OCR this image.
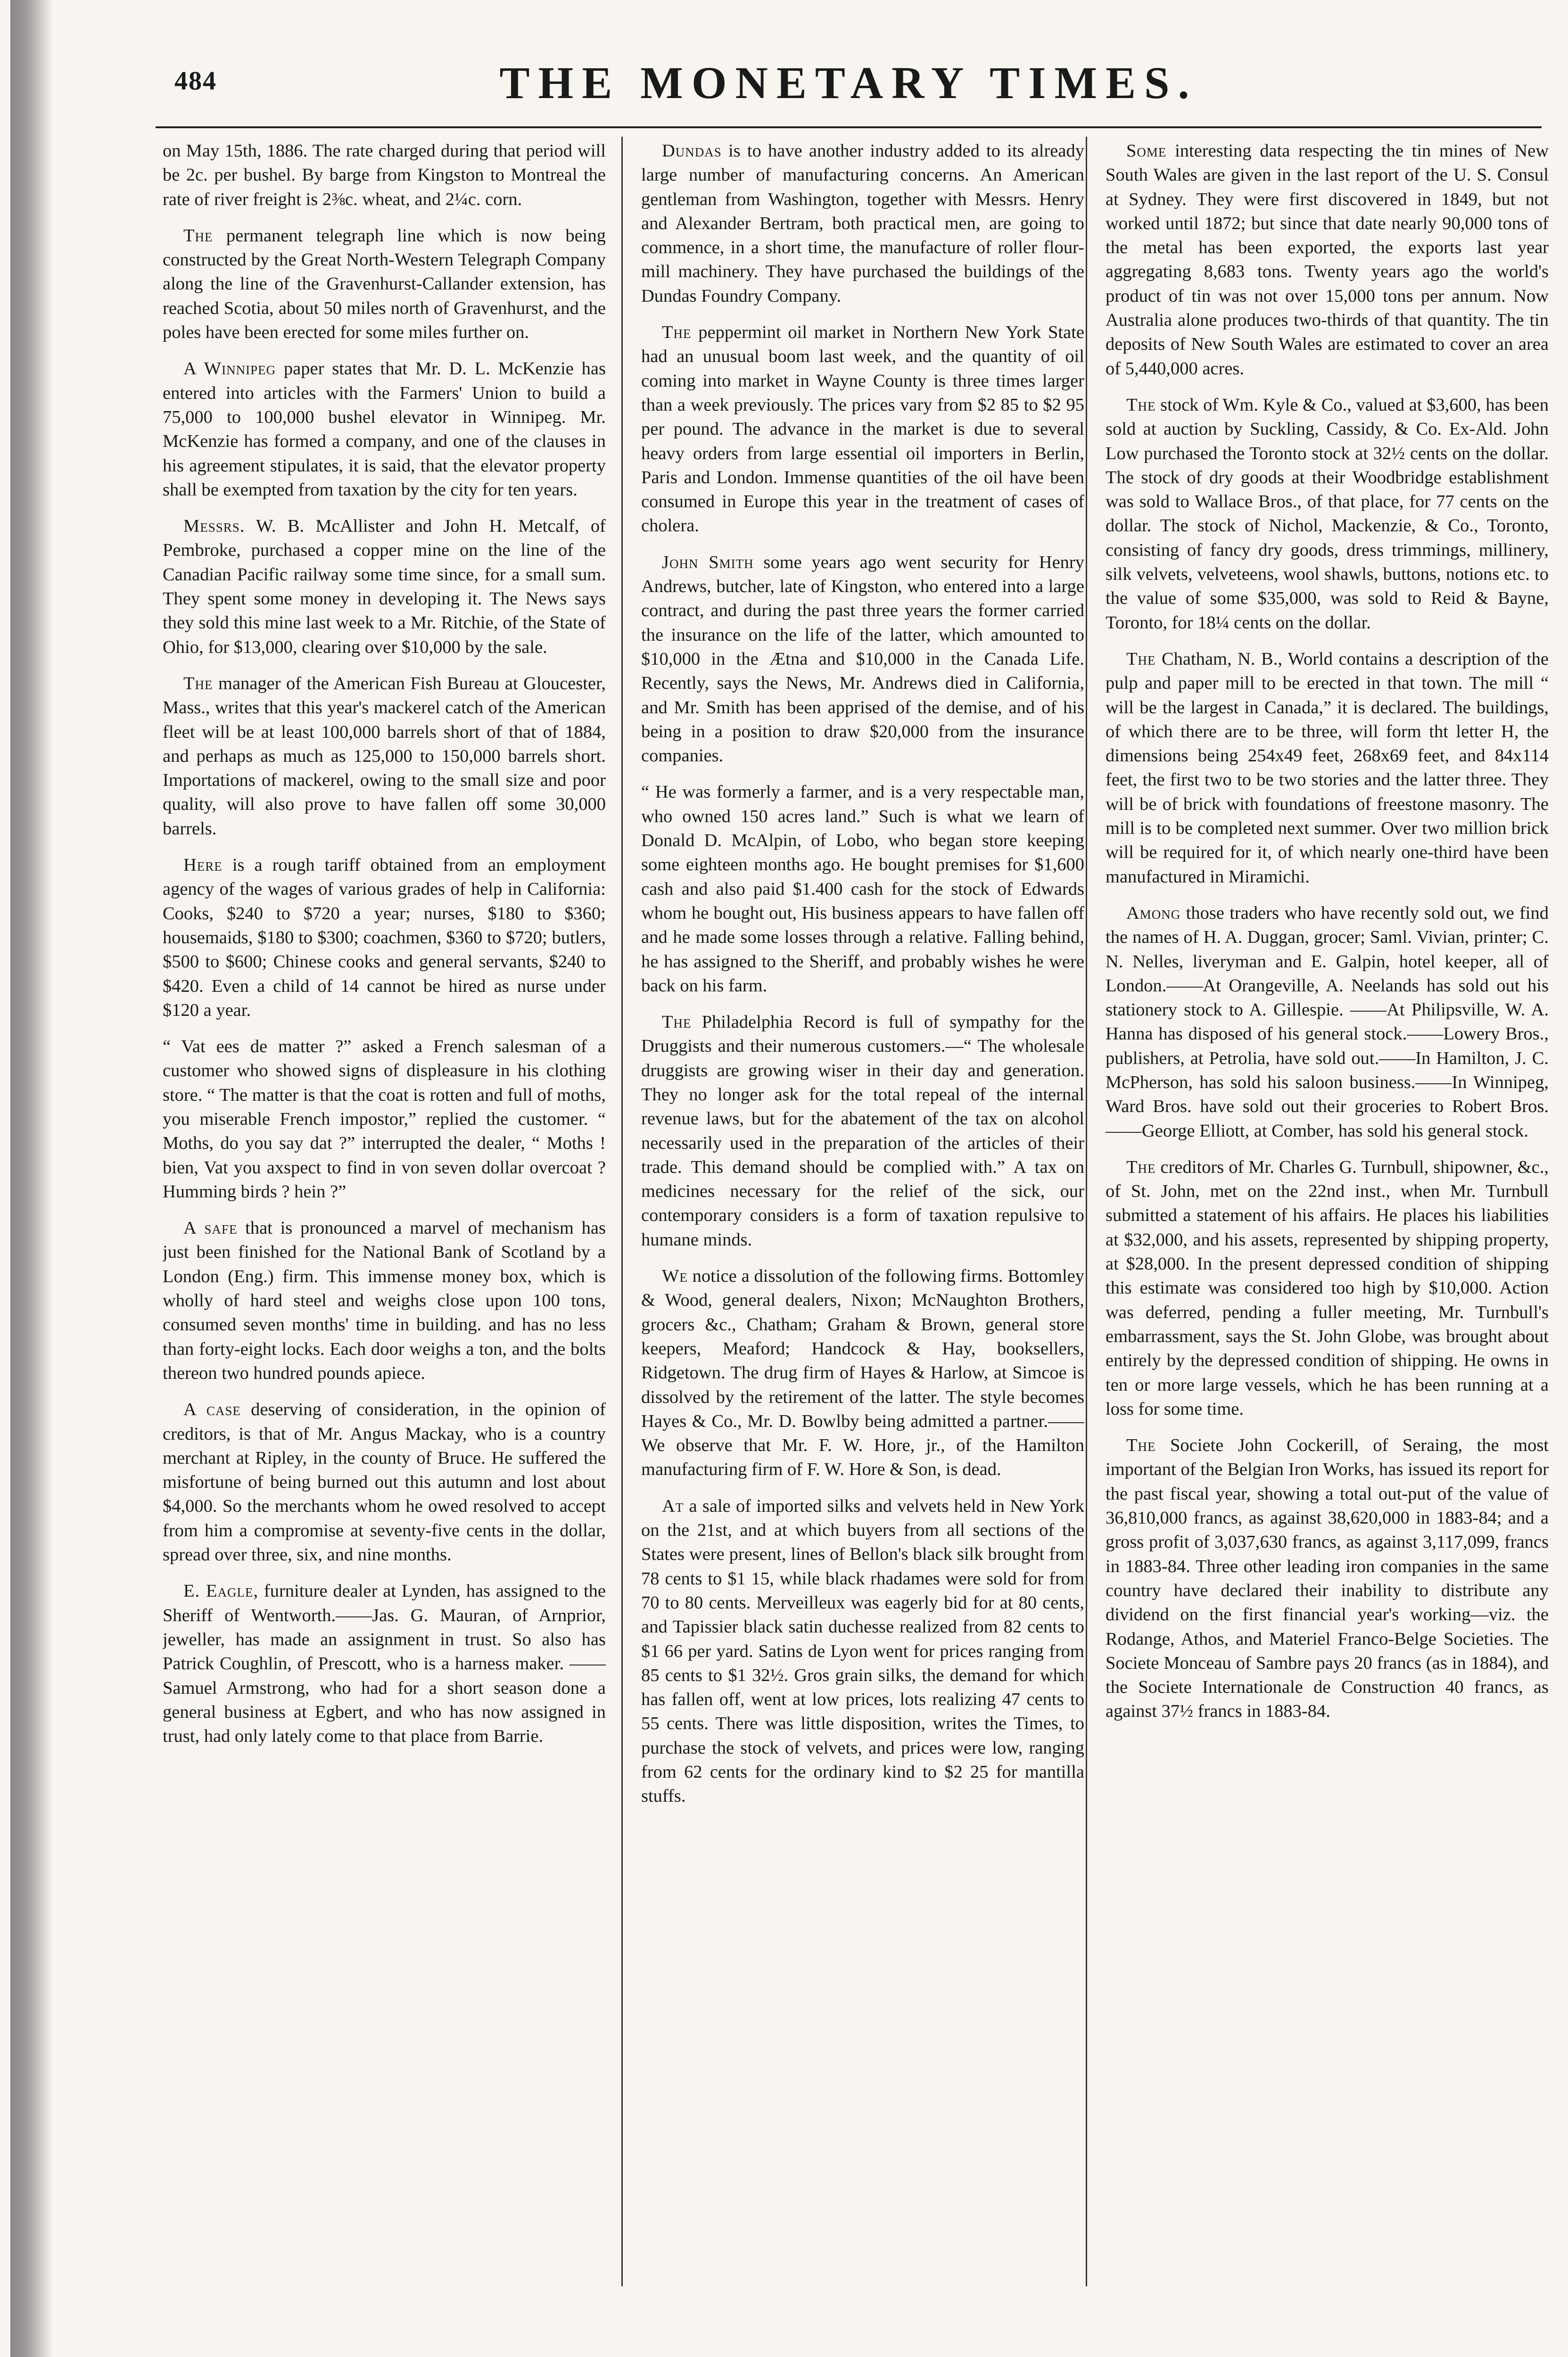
484	THE MONETARY TIMES.

on May 15th, 1886. The rate charged during that period will be 2c. per bushel. By barge from Kingston to Montreal the rate of river freight is 2⅜c. wheat, and 2¼c. corn.

The permanent telegraph line which is now being constructed by the Great North-Western Telegraph Company along the line of the Gravenhurst-Callander extension, has reached Scotia, about 50 miles north of Gravenhurst, and the poles have been erected for some miles further on.

A Winnipeg paper states that Mr. D. L. McKenzie has entered into articles with the Farmers' Union to build a 75,000 to 100,000 bushel elevator in Winnipeg. Mr. McKenzie has formed a company, and one of the clauses in his agreement stipulates, it is said, that the elevator property shall be exempted from taxation by the city for ten years.

Messrs. W. B. McAllister and John H. Metcalf, of Pembroke, purchased a copper mine on the line of the Canadian Pacific railway some time since, for a small sum. They spent some money in developing it. The News says they sold this mine last week to a Mr. Ritchie, of the State of Ohio, for $13,000, clearing over $10,000 by the sale.

The manager of the American Fish Bureau at Gloucester, Mass., writes that this year's mackerel catch of the American fleet will be at least 100,000 barrels short of that of 1884, and perhaps as much as 125,000 to 150,000 barrels short. Importations of mackerel, owing to the small size and poor quality, will also prove to have fallen off some 30,000 barrels.

Here is a rough tariff obtained from an employment agency of the wages of various grades of help in California: Cooks, $240 to $720 a year; nurses, $180 to $360; housemaids, $180 to $300; coachmen, $360 to $720; butlers, $500 to $600; Chinese cooks and general servants, $240 to $420. Even a child of 14 cannot be hired as nurse under $120 a year.

“ Vat ees de matter ?” asked a French salesman of a customer who showed signs of displeasure in his clothing store. “ The matter is that the coat is rotten and full of moths, you miserable French impostor,” replied the customer. “ Moths, do you say dat ?” interrupted the dealer, “ Moths ! bien, Vat you axspect to find in von seven dollar overcoat ? Humming birds ? hein ?”

A safe that is pronounced a marvel of mechanism has just been finished for the National Bank of Scotland by a London (Eng.) firm. This immense money box, which is wholly of hard steel and weighs close upon 100 tons, consumed seven months' time in building. and has no less than forty-eight locks. Each door weighs a ton, and the bolts thereon two hundred pounds apiece.

A case deserving of consideration, in the opinion of creditors, is that of Mr. Angus Mackay, who is a country merchant at Ripley, in the county of Bruce. He suffered the misfortune of being burned out this autumn and lost about $4,000. So the merchants whom he owed resolved to accept from him a compromise at seventy-five cents in the dollar, spread over three, six, and nine months.

E. Eagle, furniture dealer at Lynden, has assigned to the Sheriff of Wentworth.——Jas. G. Mauran, of Arnprior, jeweller, has made an assignment in trust. So also has Patrick Coughlin, of Prescott, who is a harness maker. ——Samuel Armstrong, who had for a short season done a general business at Egbert, and who has now assigned in trust, had only lately come to that place from Barrie.

Dundas is to have another industry added to its already large number of manufacturing concerns. An American gentleman from Washington, together with Messrs. Henry and Alexander Bertram, both practical men, are going to commence, in a short time, the manufacture of roller flour-mill machinery. They have purchased the buildings of the Dundas Foundry Company.

The peppermint oil market in Northern New York State had an unusual boom last week, and the quantity of oil coming into market in Wayne County is three times larger than a week previously. The prices vary from $2 85 to $2 95 per pound. The advance in the market is due to several heavy orders from large essential oil importers in Berlin, Paris and London. Immense quantities of the oil have been consumed in Europe this year in the treatment of cases of cholera.

John Smith some years ago went security for Henry Andrews, butcher, late of Kingston, who entered into a large contract, and during the past three years the former carried the insurance on the life of the latter, which amounted to $10,000 in the Ætna and $10,000 in the Canada Life. Recently, says the News, Mr. Andrews died in California, and Mr. Smith has been apprised of the demise, and of his being in a position to draw $20,000 from the insurance companies.

“ He was formerly a farmer, and is a very respectable man, who owned 150 acres land.” Such is what we learn of Donald D. McAlpin, of Lobo, who began store keeping some eighteen months ago. He bought premises for $1,600 cash and also paid $1.400 cash for the stock of Edwards whom he bought out, His business appears to have fallen off and he made some losses through a relative. Falling behind, he has assigned to the Sheriff, and probably wishes he were back on his farm.

The Philadelphia Record is full of sympathy for the Druggists and their numerous customers.—“ The wholesale druggists are growing wiser in their day and generation. They no longer ask for the total repeal of the internal revenue laws, but for the abatement of the tax on alcohol necessarily used in the preparation of the articles of their trade. This demand should be complied with.” A tax on medicines necessary for the relief of the sick, our contemporary considers is a form of taxation repulsive to humane minds.

We notice a dissolution of the following firms. Bottomley & Wood, general dealers, Nixon; McNaughton Brothers, grocers &c., Chatham; Graham & Brown, general store keepers, Meaford; Handcock & Hay, booksellers, Ridgetown. The drug firm of Hayes & Harlow, at Simcoe is dissolved by the retirement of the latter. The style becomes Hayes & Co., Mr. D. Bowlby being admitted a partner.——We observe that Mr. F. W. Hore, jr., of the Hamilton manufacturing firm of F. W. Hore & Son, is dead.

At a sale of imported silks and velvets held in New York on the 21st, and at which buyers from all sections of the States were present, lines of Bellon's black silk brought from 78 cents to $1 15, while black rhadames were sold for from 70 to 80 cents. Merveilleux was eagerly bid for at 80 cents, and Tapissier black satin duchesse realized from 82 cents to $1 66 per yard. Satins de Lyon went for prices ranging from 85 cents to $1 32½. Gros grain silks, the demand for which has fallen off, went at low prices, lots realizing 47 cents to 55 cents. There was little disposition, writes the Times, to purchase the stock of velvets, and prices were low, ranging from 62 cents for the ordinary kind to $2 25 for mantilla stuffs.

Some interesting data respecting the tin mines of New South Wales are given in the last report of the U. S. Consul at Sydney. They were first discovered in 1849, but not worked until 1872; but since that date nearly 90,000 tons of the metal has been exported, the exports last year aggregating 8,683 tons. Twenty years ago the world's product of tin was not over 15,000 tons per annum. Now Australia alone produces two-thirds of that quantity. The tin deposits of New South Wales are estimated to cover an area of 5,440,000 acres.

The stock of Wm. Kyle & Co., valued at $3,600, has been sold at auction by Suckling, Cassidy, & Co. Ex-Ald. John Low purchased the Toronto stock at 32½ cents on the dollar. The stock of dry goods at their Woodbridge establishment was sold to Wallace Bros., of that place, for 77 cents on the dollar. The stock of Nichol, Mackenzie, & Co., Toronto, consisting of fancy dry goods, dress trimmings, millinery, silk velvets, velveteens, wool shawls, buttons, notions etc. to the value of some $35,000, was sold to Reid & Bayne, Toronto, for 18¼ cents on the dollar.

The Chatham, N. B., World contains a description of the pulp and paper mill to be erected in that town. The mill “ will be the largest in Canada,” it is declared. The buildings, of which there are to be three, will form tht letter H, the dimensions being 254x49 feet, 268x69 feet, and 84x114 feet, the first two to be two stories and the latter three. They will be of brick with foundations of freestone masonry. The mill is to be completed next summer. Over two million brick will be required for it, of which nearly one-third have been manufactured in Miramichi.

Among those traders who have recently sold out, we find the names of H. A. Duggan, grocer; Saml. Vivian, printer; C. N. Nelles, liveryman and E. Galpin, hotel keeper, all of London.——At Orangeville, A. Neelands has sold out his stationery stock to A. Gillespie. ——At Philipsville, W. A. Hanna has disposed of his general stock.——Lowery Bros., publishers, at Petrolia, have sold out.——In Hamilton, J. C. McPherson, has sold his saloon business.——In Winnipeg, Ward Bros. have sold out their groceries to Robert Bros.——George Elliott, at Comber, has sold his general stock.

The creditors of Mr. Charles G. Turnbull, shipowner, &c., of St. John, met on the 22nd inst., when Mr. Turnbull submitted a statement of his affairs. He places his liabilities at $32,000, and his assets, represented by shipping property, at $28,000. In the present depressed condition of shipping this estimate was considered too high by $10,000. Action was deferred, pending a fuller meeting, Mr. Turnbull's embarrassment, says the St. John Globe, was brought about entirely by the depressed condition of shipping. He owns in ten or more large vessels, which he has been running at a loss for some time.

The Societe John Cockerill, of Seraing, the most important of the Belgian Iron Works, has issued its report for the past fiscal year, showing a total out-put of the value of 36,810,000 francs, as against 38,620,000 in 1883-84; and a gross profit of 3,037,630 francs, as against 3,117,099, francs in 1883-84. Three other leading iron companies in the same country have declared their inability to distribute any dividend on the first financial year's working—viz. the Rodange, Athos, and Materiel Franco-Belge Societies. The Societe Monceau of Sambre pays 20 francs (as in 1884), and the Societe Internationale de Construction 40 francs, as against 37½ francs in 1883-84.
